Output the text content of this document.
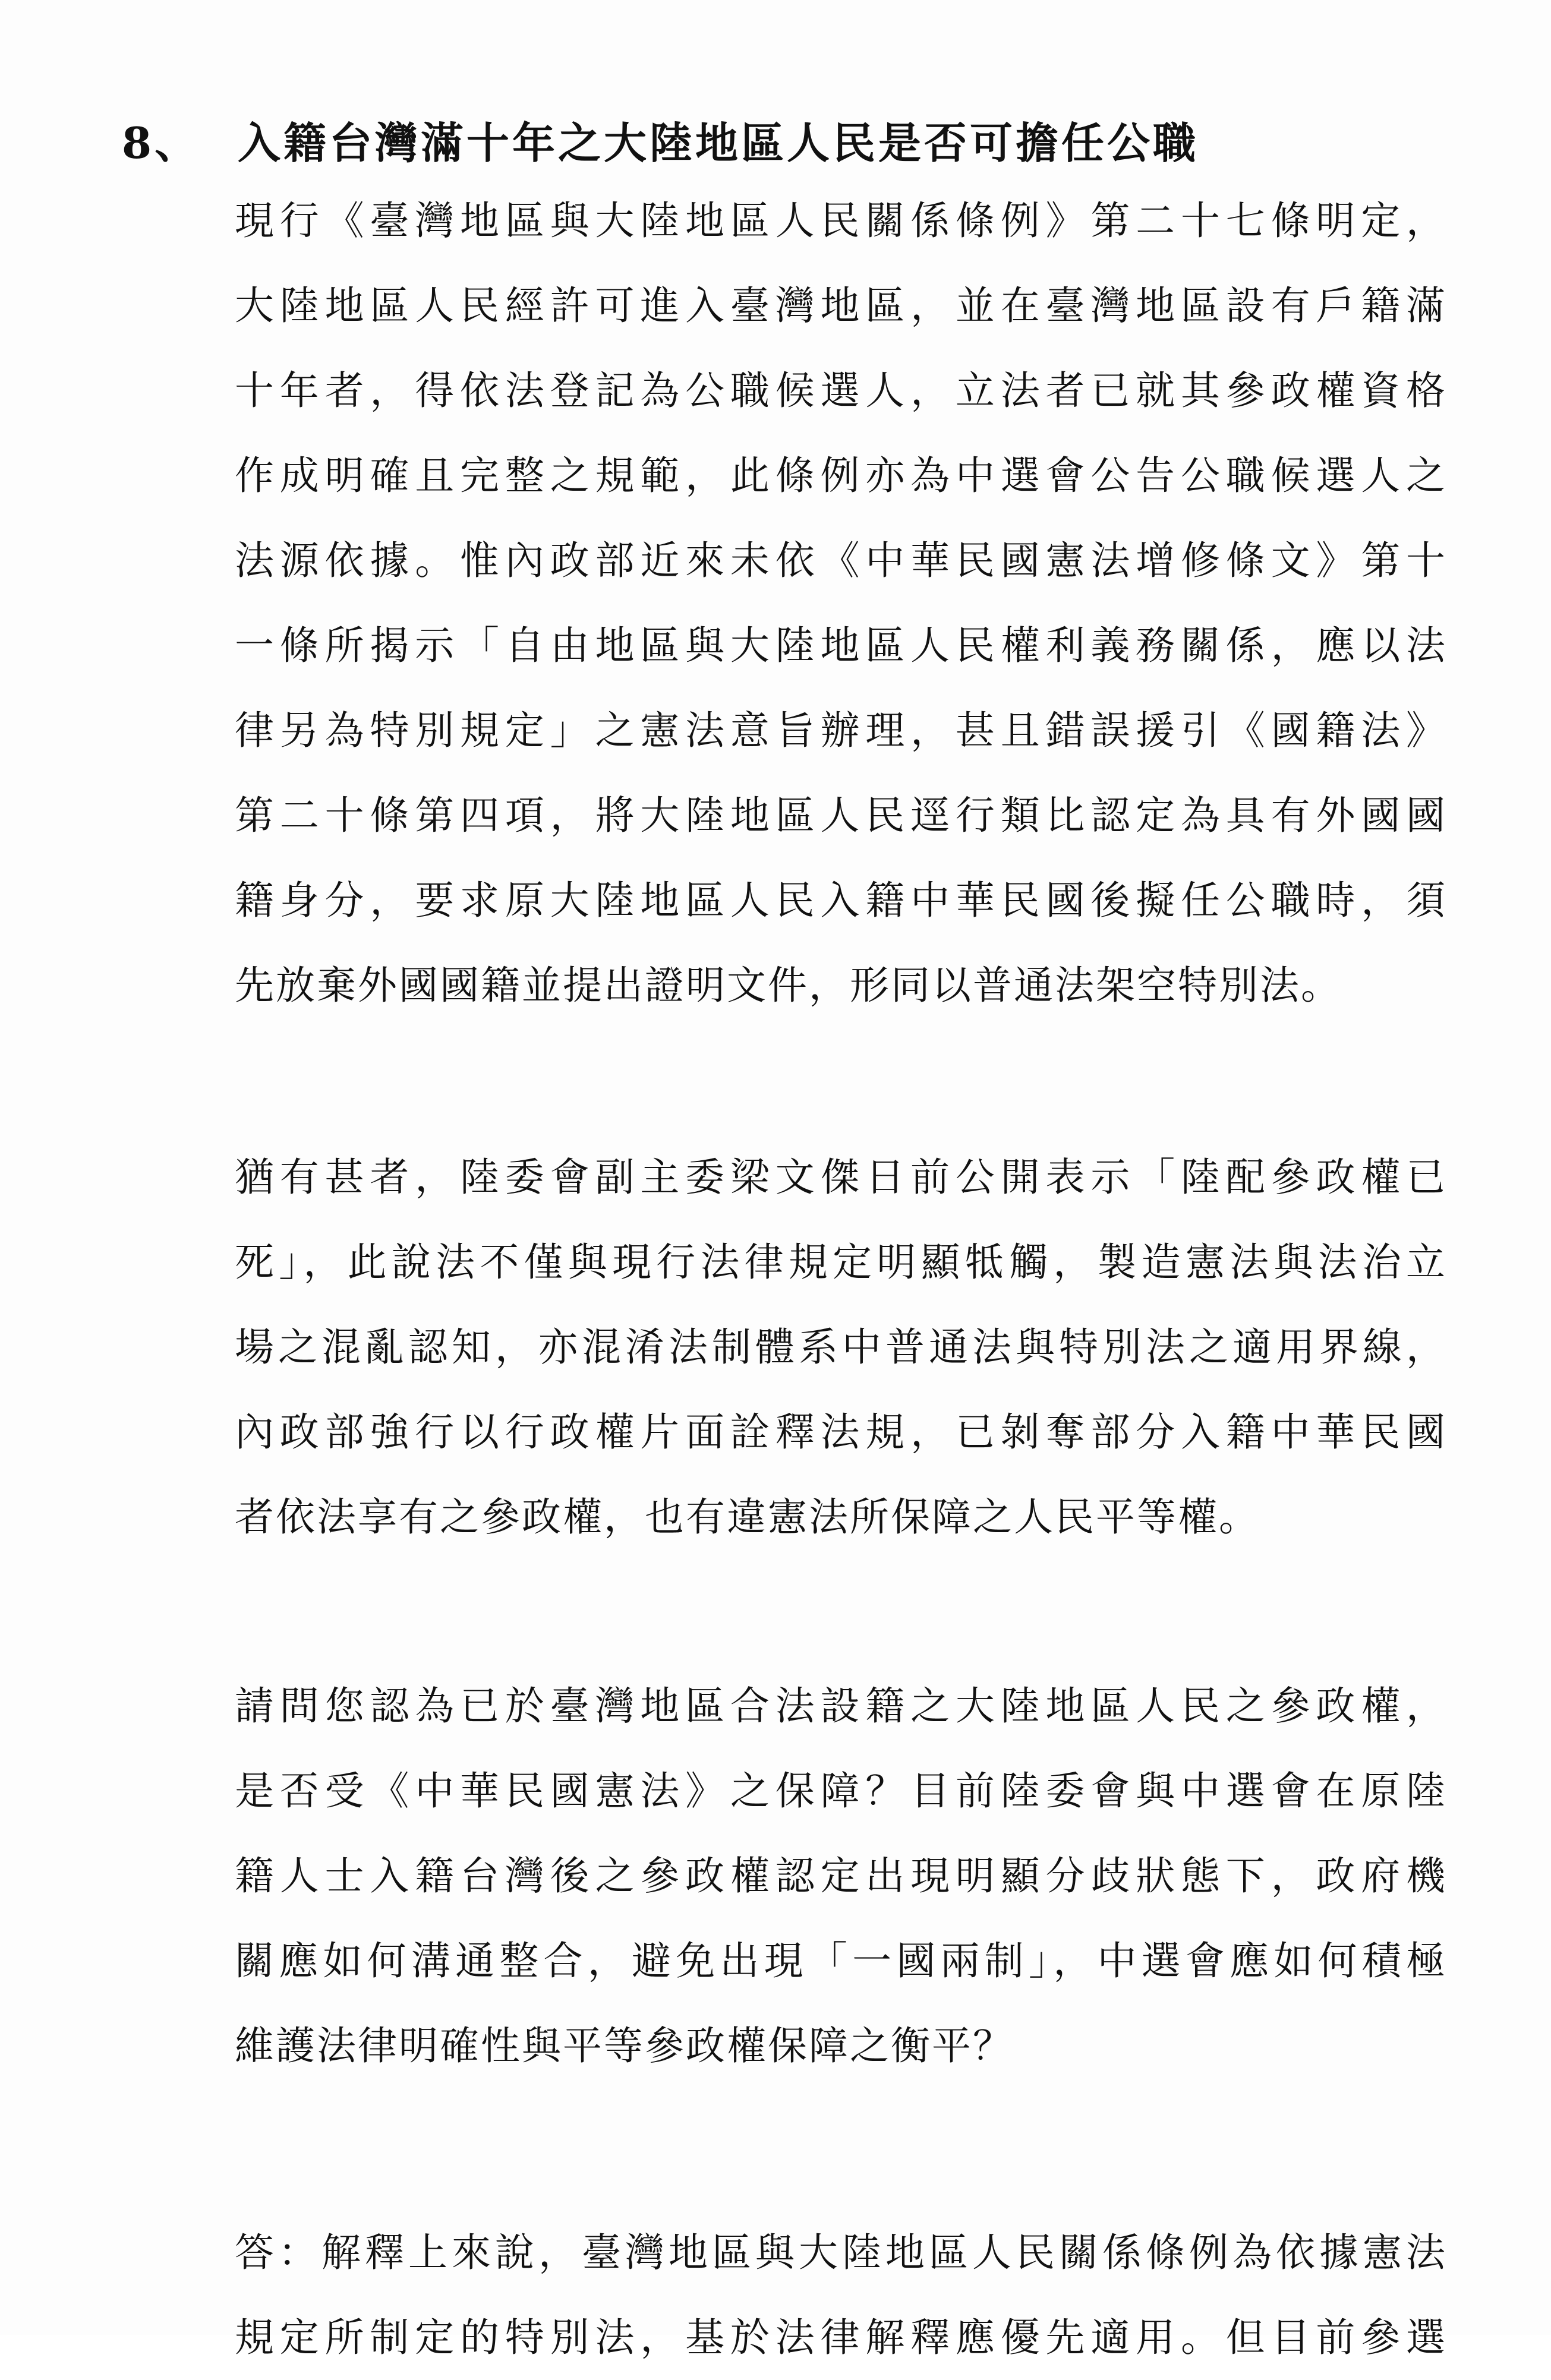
8、 入籍台灣滿十年之大陸地區人民是否可擔任公職
現行《臺灣地區與大陸地區人民關係條例》第二十七條明定，
大陸地區人民經許可進入臺灣地區，並在臺灣地區設有戶籍滿
十年者，得依法登記為公職候選人，立法者已就其參政權資格
作成明確且完整之規範，此條例亦為中選會公告公職候選人之
法源依據。惟內政部近來未依《中華民國憲法增修條文》第十
一條所揭示「自由地區與大陸地區人民權利義務關係，應以法
律另為特別規定」之憲法意旨辦理，甚且錯誤援引《國籍法》
第二十條第四項，將大陸地區人民逕行類比認定為具有外國國
籍身分，要求原大陸地區人民入籍中華民國後擬任公職時，須
先放棄外國國籍並提出證明文件，形同以普通法架空特別法。
猶有甚者，陸委會副主委梁文傑日前公開表示「陸配參政權已
死」，此說法不僅與現行法律規定明顯牴觸，製造憲法與法治立
場之混亂認知，亦混淆法制體系中普通法與特別法之適用界線，
內政部強行以行政權片面詮釋法規，已剝奪部分入籍中華民國
者依法享有之參政權，也有違憲法所保障之人民平等權。
請問您認為已於臺灣地區合法設籍之大陸地區人民之參政權，
是否受《中華民國憲法》之保障？目前陸委會與中選會在原陸
籍人士入籍台灣後之參政權認定出現明顯分歧狀態下，政府機
關應如何溝通整合，避免出現「一國兩制」，中選會應如何積極
維護法律明確性與平等參政權保障之衡平？
答：解釋上來說，臺灣地區與大陸地區人民關係條例為依據憲法
規定所制定的特別法，基於法律解釋應優先適用。但目前參選
